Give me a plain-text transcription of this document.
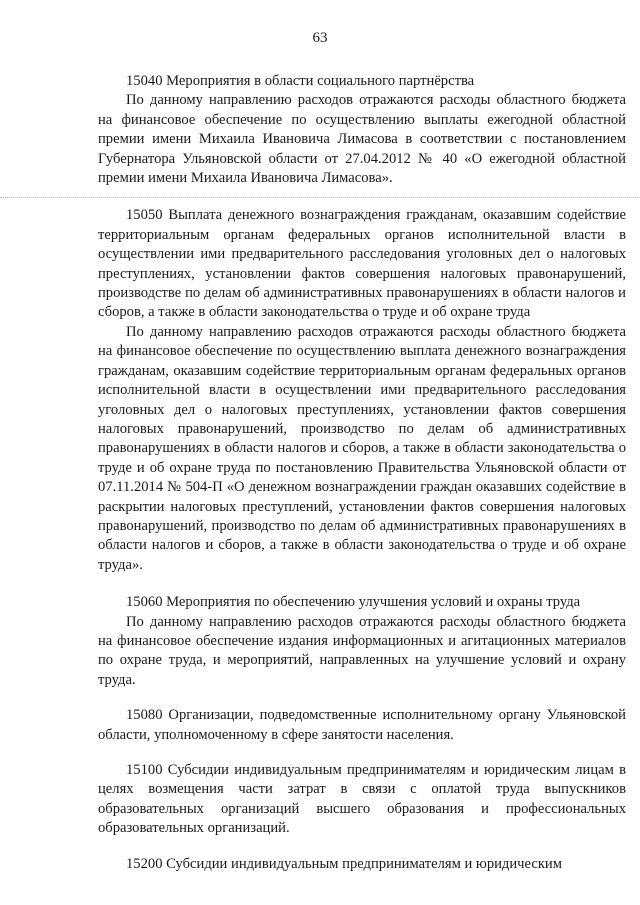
63

15040 Мероприятия в области социального партнёрства

По данному направлению расходов отражаются расходы областного бюджета на финансовое обеспечение по осуществлению выплаты ежегодной областной премии имени Михаила Ивановича Лимасова в соответствии с постановлением Губернатора Ульяновской области от 27.04.2012 № 40 «О ежегодной областной премии имени Михаила Ивановича Лимасова».

15050 Выплата денежного вознаграждения гражданам, оказавшим содействие территориальным органам федеральных органов исполнительной власти в осуществлении ими предварительного расследования уголовных дел о налоговых преступлениях, установлении фактов совершения налоговых правонарушений, производстве по делам об административных правонарушениях в области налогов и сборов, а также в области законодательства о труде и об охране труда

По данному направлению расходов отражаются расходы областного бюджета на финансовое обеспечение по осуществлению выплата денежного вознаграждения гражданам, оказавшим содействие территориальным органам федеральных органов исполнительной власти в осуществлении ими предварительного расследования уголовных дел о налоговых преступлениях, установлении фактов совершения налоговых правонарушений, производство по делам об административных правонарушениях в области налогов и сборов, а также в области законодательства о труде и об охране труда по постановлению Правительства Ульяновской области от 07.11.2014 № 504-П «О денежном вознаграждении граждан оказавших содействие в раскрытии налоговых преступлений, установлении фактов совершения налоговых правонарушений, производство по делам об административных правонарушениях в области налогов и сборов, а также в области законодательства о труде и об охране труда».

15060 Мероприятия по обеспечению улучшения условий и охраны труда

По данному направлению расходов отражаются расходы областного бюджета на финансовое обеспечение издания информационных и агитационных материалов по охране труда, и мероприятий, направленных на улучшение условий и охрану труда.

15080 Организации, подведомственные исполнительному органу Ульяновской области, уполномоченному в сфере занятости населения.

15100 Субсидии индивидуальным предпринимателям и юридическим лицам в целях возмещения части затрат в связи с оплатой труда выпускников образовательных организаций высшего образования и профессиональных образовательных организаций.

15200 Субсидии индивидуальным предпринимателям и юридическим
